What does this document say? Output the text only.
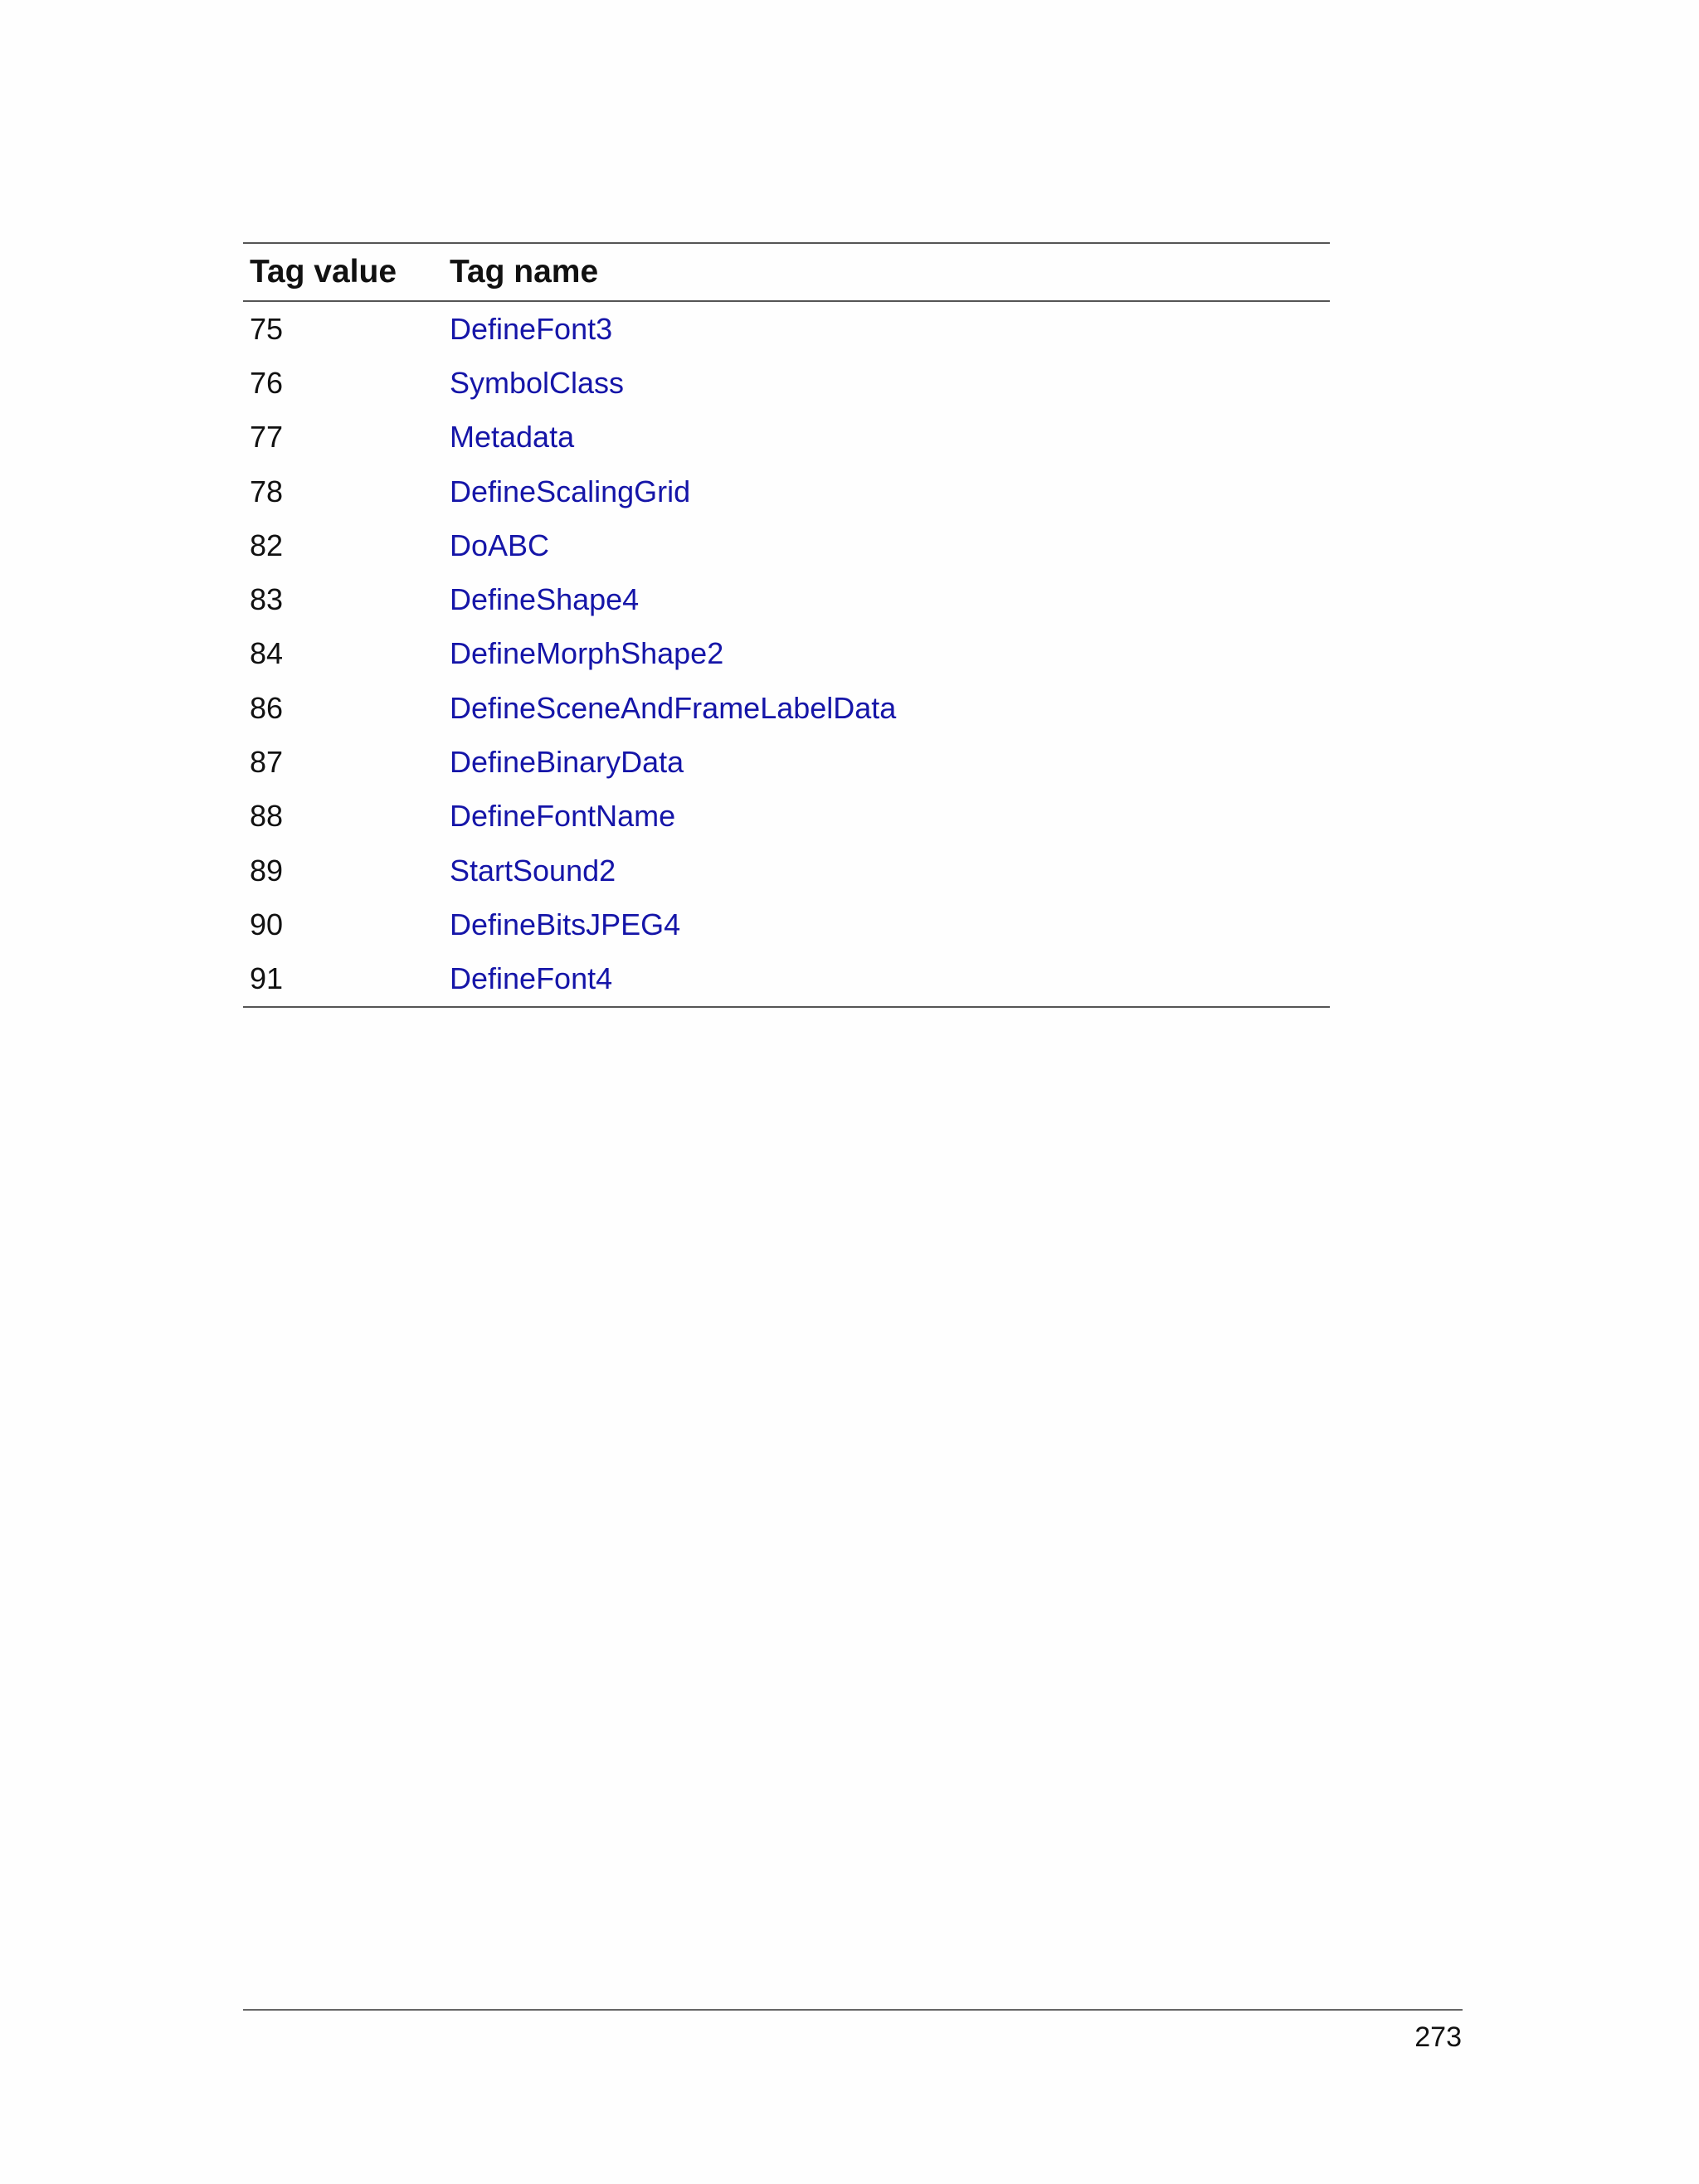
Tag value	Tag name
75	DefineFont3
76	SymbolClass
77	Metadata
78	DefineScalingGrid
82	DoABC
83	DefineShape4
84	DefineMorphShape2
86	DefineSceneAndFrameLabelData
87	DefineBinaryData
88	DefineFontName
89	StartSound2
90	DefineBitsJPEG4
91	DefineFont4
273
